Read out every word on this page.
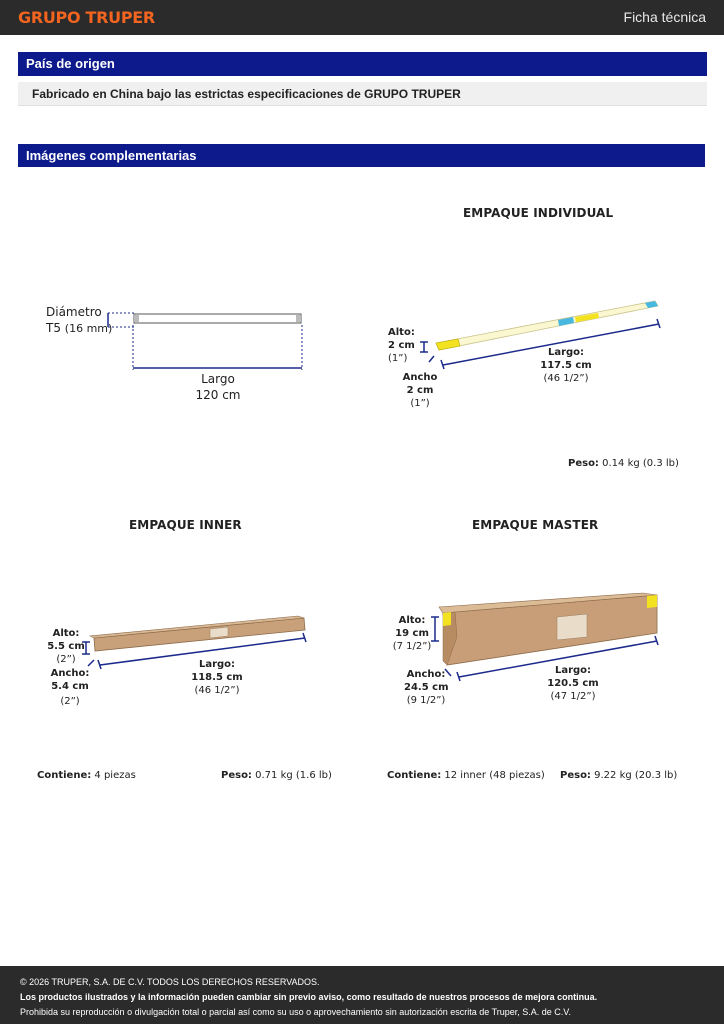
GRUPO TRUPER	Ficha técnica
País de origen
Fabricado en China bajo las estrictas especificaciones de GRUPO TRUPER
Imágenes complementarias
Diámetro
T5 (16 mm)
Largo
120 cm
EMPAQUE INDIVIDUAL
Alto:
2 cm
(1”)
Ancho
2 cm
(1”)
Largo:
117.5 cm
(46 1/2”)
Peso: 0.14 kg (0.3 lb)
EMPAQUE INNER
Alto:
5.5 cm
(2”)
Ancho:
5.4 cm
(2”)
Largo:
118.5 cm
(46 1/2”)
Contiene: 4 piezas	Peso: 0.71 kg (1.6 lb)
EMPAQUE MASTER
Alto:
19 cm
(7 1/2”)
Ancho:
24.5 cm
(9 1/2”)
Largo:
120.5 cm
(47 1/2”)
Contiene: 12 inner (48 piezas) Peso: 9.22 kg (20.3 lb)
© 2026 TRUPER, S.A. DE C.V. TODOS LOS DERECHOS RESERVADOS.
Los productos ilustrados y la información pueden cambiar sin previo aviso, como resultado de nuestros procesos de mejora continua.
Prohibida su reproducción o divulgación total o parcial así como su uso o aprovechamiento sin autorización escrita de Truper, S.A. de C.V.
